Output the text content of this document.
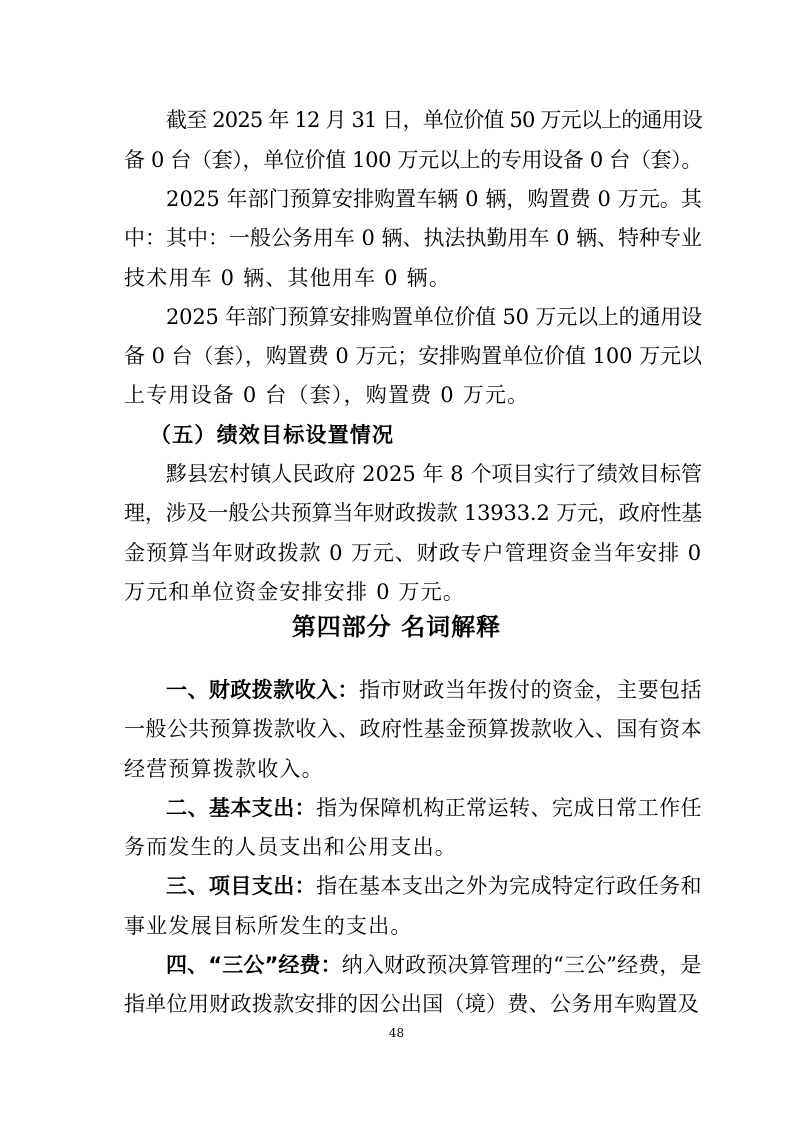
截至 2025 年 12 月 31 日，单位价值 50 万元以上的通用设
备 0 台（套），单位价值 100 万元以上的专用设备 0 台（套）。
2025 年部门预算安排购置车辆 0 辆，购置费 0 万元。其
中：其中：一般公务用车 0 辆、执法执勤用车 0 辆、特种专业
技术用车 0 辆、其他用车 0 辆。
2025 年部门预算安排购置单位价值 50 万元以上的通用设
备 0 台（套），购置费 0 万元；安排购置单位价值 100 万元以
上专用设备 0 台（套），购置费 0 万元。
（五）绩效目标设置情况
黟县宏村镇人民政府 2025 年 8 个项目实行了绩效目标管
理，涉及一般公共预算当年财政拨款 13933.2 万元，政府性基
金预算当年财政拨款 0 万元、财政专户管理资金当年安排 0
万元和单位资金安排安排 0 万元。
第四部分 名词解释
一、财政拨款收入：指市财政当年拨付的资金，主要包括
一般公共预算拨款收入、政府性基金预算拨款收入、国有资本
经营预算拨款收入。
二、基本支出：指为保障机构正常运转、完成日常工作任
务而发生的人员支出和公用支出。
三、项目支出：指在基本支出之外为完成特定行政任务和
事业发展目标所发生的支出。
四、“三公”经费：纳入财政预决算管理的“三公”经费，是
指单位用财政拨款安排的因公出国（境）费、公务用车购置及
48
